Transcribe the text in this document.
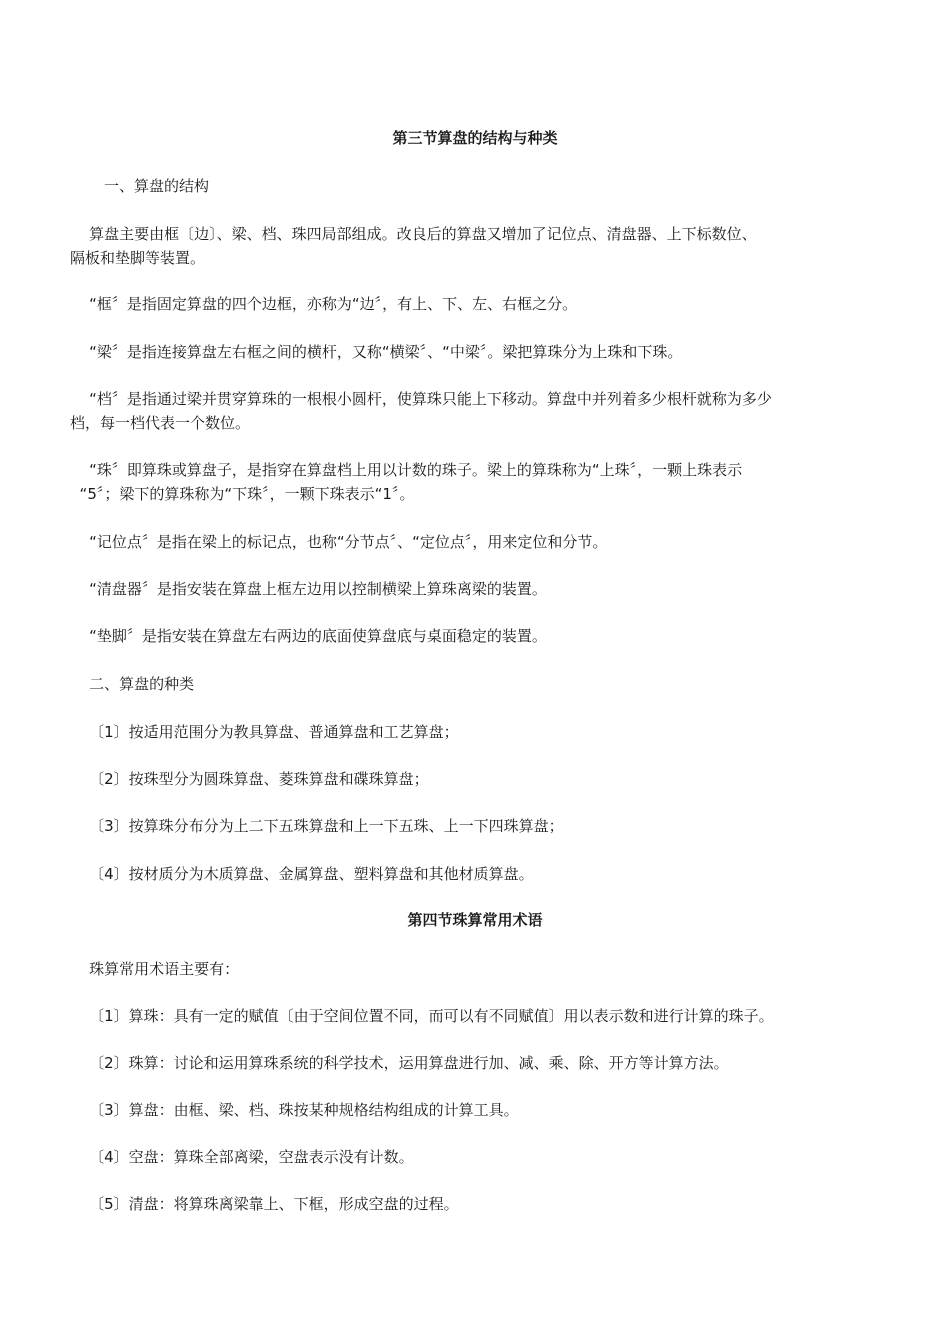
第三节算盘的结构与种类

一、算盘的结构

算盘主要由框〔边〕、梁、档、珠四局部组成。改良后的算盘又增加了记位点、清盘器、上下标数位、

隔板和垫脚等装置。

“框〞是指固定算盘的四个边框，亦称为“边〞，有上、下、左、右框之分。

“梁〞是指连接算盘左右框之间的横杆，又称“横梁〞、“中梁〞。梁把算珠分为上珠和下珠。

“档〞是指通过梁并贯穿算珠的一根根小圆杆，使算珠只能上下移动。算盘中并列着多少根杆就称为多少

档，每一档代表一个数位。

“珠〞即算珠或算盘子，是指穿在算盘档上用以计数的珠子。梁上的算珠称为“上珠〞，一颗上珠表示

“5〞；梁下的算珠称为“下珠〞，一颗下珠表示“1〞。

“记位点〞是指在梁上的标记点，也称“分节点〞、“定位点〞，用来定位和分节。

“清盘器〞是指安装在算盘上框左边用以控制横梁上算珠离梁的装置。

“垫脚〞是指安装在算盘左右两边的底面使算盘底与桌面稳定的装置。

二、算盘的种类

〔1〕按适用范围分为教具算盘、普通算盘和工艺算盘；

〔2〕按珠型分为圆珠算盘、菱珠算盘和碟珠算盘；

〔3〕按算珠分布分为上二下五珠算盘和上一下五珠、上一下四珠算盘；

〔4〕按材质分为木质算盘、金属算盘、塑料算盘和其他材质算盘。

第四节珠算常用术语

珠算常用术语主要有：

〔1〕算珠：具有一定的赋值〔由于空间位置不同，而可以有不同赋值〕用以表示数和进行计算的珠子。

〔2〕珠算：讨论和运用算珠系统的科学技术，运用算盘进行加、减、乘、除、开方等计算方法。

〔3〕算盘：由框、梁、档、珠按某种规格结构组成的计算工具。

〔4〕空盘：算珠全部离梁，空盘表示没有计数。

〔5〕清盘：将算珠离梁靠上、下框，形成空盘的过程。
